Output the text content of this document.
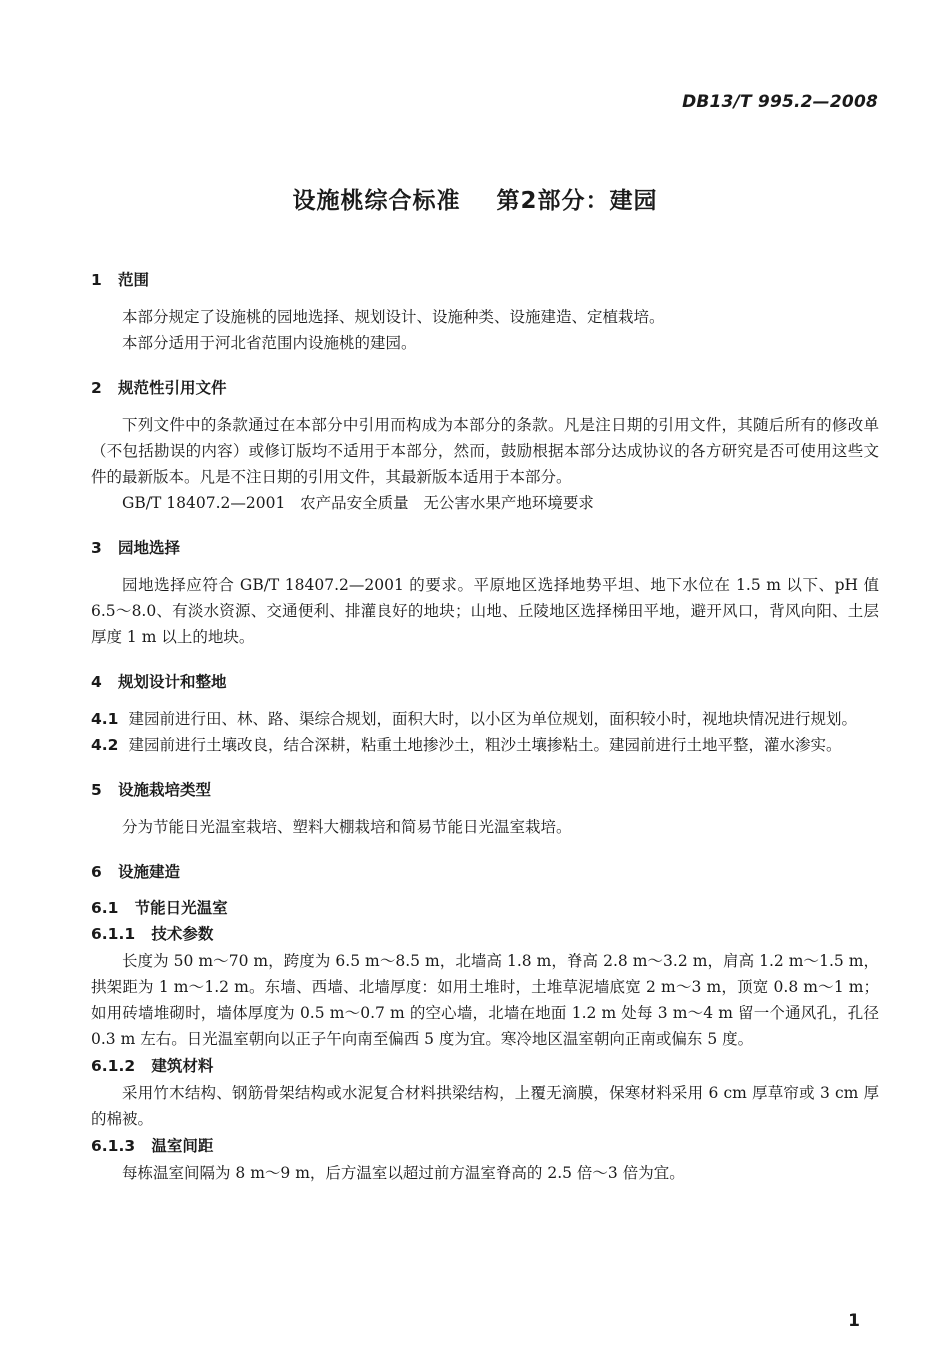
DB13/T 995.2—2008
设施桃综合标准    第2部分：建园
1   范围
本部分规定了设施桃的园地选择、规划设计、设施种类、设施建造、定植栽培。
本部分适用于河北省范围内设施桃的建园。
2   规范性引用文件
下列文件中的条款通过在本部分中引用而构成为本部分的条款。凡是注日期的引用文件，其随后所有的修改单（不包括勘误的内容）或修订版均不适用于本部分，然而，鼓励根据本部分达成协议的各方研究是否可使用这些文件的最新版本。凡是不注日期的引用文件，其最新版本适用于本部分。
GB/T 18407.2—2001   农产品安全质量   无公害水果产地环境要求
3   园地选择
园地选择应符合 GB/T 18407.2—2001 的要求。平原地区选择地势平坦、地下水位在 1.5 m 以下、pH 值 6.5～8.0、有淡水资源、交通便利、排灌良好的地块；山地、丘陵地区选择梯田平地，避开风口，背风向阳、土层厚度 1 m 以上的地块。
4   规划设计和整地
4.1 建园前进行田、林、路、渠综合规划，面积大时，以小区为单位规划，面积较小时，视地块情况进行规划。
4.2 建园前进行土壤改良，结合深耕，粘重土地掺沙土，粗沙土壤掺粘土。建园前进行土地平整，灌水渗实。
5   设施栽培类型
分为节能日光温室栽培、塑料大棚栽培和简易节能日光温室栽培。
6   设施建造
6.1   节能日光温室
6.1.1   技术参数
长度为 50 m～70 m，跨度为 6.5 m～8.5 m，北墙高 1.8 m，脊高 2.8 m～3.2 m，肩高 1.2 m～1.5 m，拱架距为 1 m～1.2 m。东墙、西墙、北墙厚度：如用土堆时，土堆草泥墙底宽 2 m～3 m，顶宽 0.8 m～1 m；如用砖墙堆砌时，墙体厚度为 0.5 m～0.7 m 的空心墙，北墙在地面 1.2 m 处每 3 m～4 m 留一个通风孔，孔径 0.3 m 左右。日光温室朝向以正子午向南至偏西 5 度为宜。寒冷地区温室朝向正南或偏东 5 度。
6.1.2   建筑材料
采用竹木结构、钢筋骨架结构或水泥复合材料拱梁结构，上覆无滴膜，保寒材料采用 6 cm 厚草帘或 3 cm 厚的棉被。
6.1.3   温室间距
每栋温室间隔为 8 m～9 m，后方温室以超过前方温室脊高的 2.5 倍～3 倍为宜。
1
